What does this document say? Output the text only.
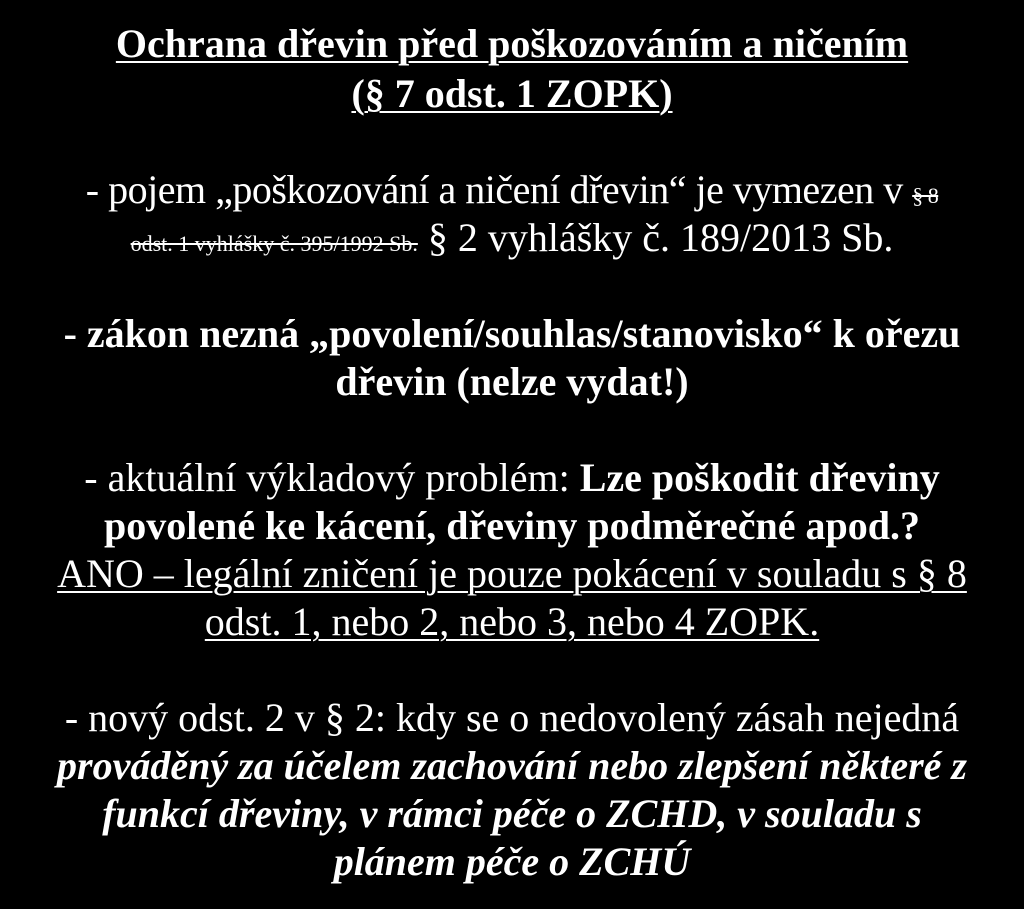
Ochrana dřevin před poškozováním a ničením
(§ 7 odst. 1 ZOPK)
- pojem „poškozování a ničení dřevin“ je vymezen v § 8
odst. 1 vyhlášky č. 395/1992 Sb. § 2 vyhlášky č. 189/2013 Sb.
- zákon nezná „povolení/souhlas/stanovisko“ k ořezu
dřevin (nelze vydat!)
- aktuální výkladový problém: Lze poškodit dřeviny
povolené ke kácení, dřeviny podměrečné apod.?
ANO – legální zničení je pouze pokácení v souladu s § 8
odst. 1, nebo 2, nebo 3, nebo 4 ZOPK.
- nový odst. 2 v § 2: kdy se o nedovolený zásah nejedná
prováděný za účelem zachování nebo zlepšení některé z
funkcí dřeviny, v rámci péče o ZCHD, v souladu s
plánem péče o ZCHÚ
